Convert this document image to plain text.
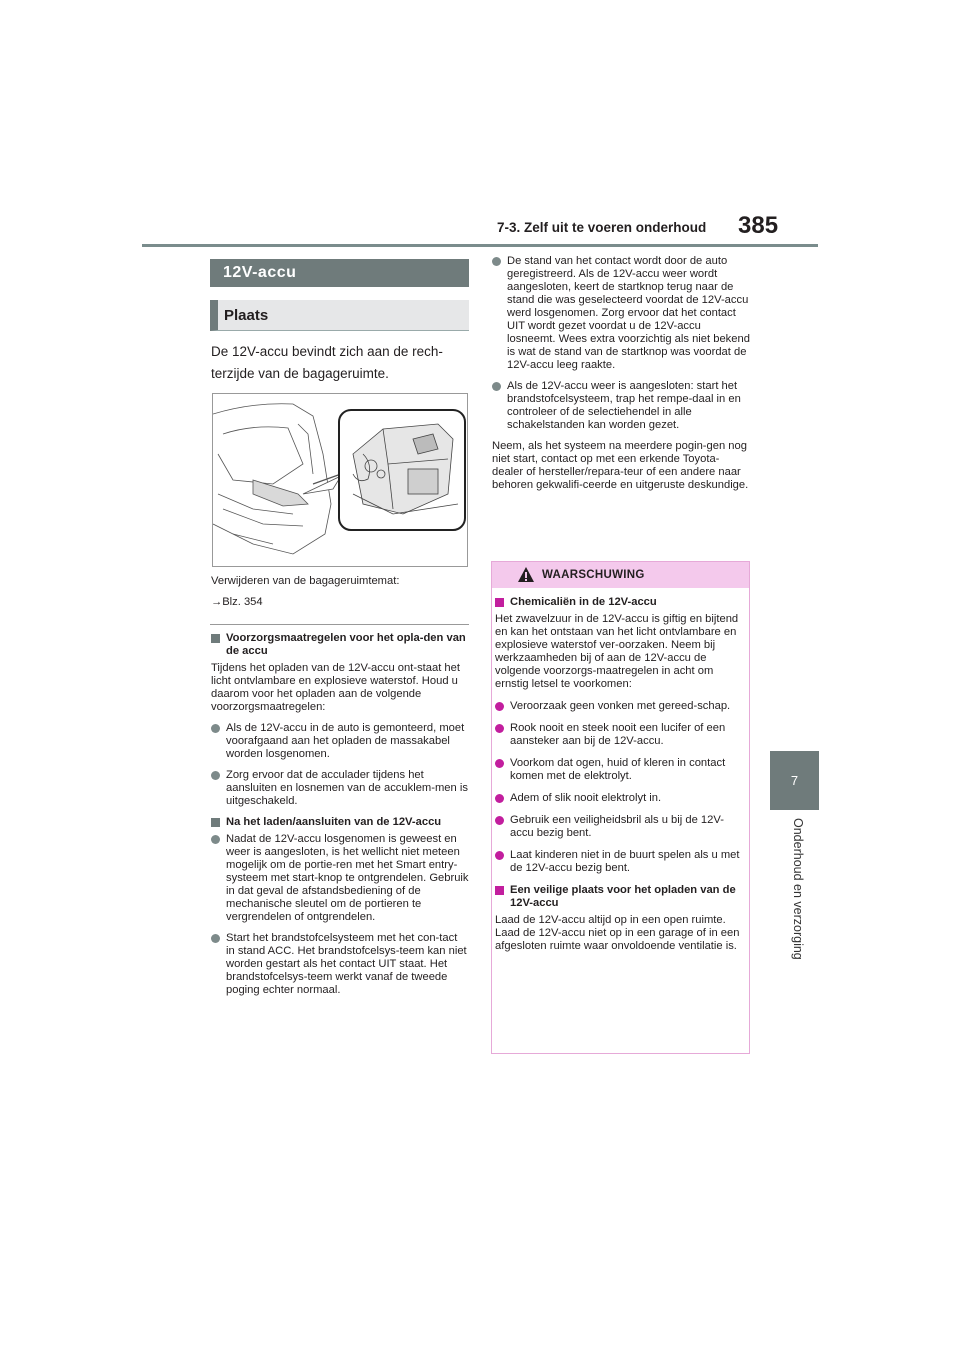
7-3. Zelf uit te voeren onderhoud 385
7
Onderhoud en verzorging
12V-accu
Plaats
De 12V-accu bevindt zich aan de rech-terzijde van de bagageruimte.
Verwijderen van de bagageruimtemat:
→Blz. 354

Voorzorgsmaatregelen voor het opla-den van de accu

Tijdens het opladen van de 12V-accu ont-staat het licht ontvlambare en explosieve waterstof. Houd u daarom voor het opladen aan de volgende voorzorgsmaatregelen:

Als de 12V-accu in de auto is gemonteerd, moet voorafgaand aan het opladen de massakabel worden losgenomen.

Zorg ervoor dat de acculader tijdens het aansluiten en losnemen van de accuklem-men is uitgeschakeld.

Na het laden/aansluiten van de 12V-accu

Nadat de 12V-accu losgenomen is geweest en weer is aangesloten, is het wellicht niet meteen mogelijk om de portie-ren met het Smart entry-systeem met start-knop te ontgrendelen. Gebruik in dat geval de afstandsbediening of de mechanische sleutel om de portieren te vergrendelen of ontgrendelen.

Start het brandstofcelsysteem met het con-tact in stand ACC. Het brandstofcelsys-teem kan niet worden gestart als het contact UIT staat. Het brandstofcelsys-teem werkt vanaf de tweede poging echter normaal.

De stand van het contact wordt door de auto geregistreerd. Als de 12V-accu weer wordt aangesloten, keert de startknop terug naar de stand die was geselecteerd voordat de 12V-accu werd losgenomen. Zorg ervoor dat het contact UIT wordt gezet voordat u de 12V-accu losneemt. Wees extra voorzichtig als niet bekend is wat de stand van de startknop was voordat de 12V-accu leeg raakte.

Als de 12V-accu weer is aangesloten: start het brandstofcelsysteem, trap het rempe-daal in en controleer of de selectiehendel in alle schakelstanden kan worden gezet.

Neem, als het systeem na meerdere pogin-gen nog niet start, contact op met een erkende Toyota-dealer of hersteller/repara-teur of een andere naar behoren gekwalifi-ceerde en uitgeruste deskundige.

WAARSCHUWING

Chemicaliën in de 12V-accu

Het zwavelzuur in de 12V-accu is giftig en bijtend en kan het ontstaan van het licht ontvlambare en explosieve waterstof ver-oorzaken. Neem bij werkzaamheden bij of aan de 12V-accu de volgende voorzorgs-maatregelen in acht om ernstig letsel te voorkomen:

Veroorzaak geen vonken met gereed-schap.

Rook nooit en steek nooit een lucifer of een aansteker aan bij de 12V-accu.

Voorkom dat ogen, huid of kleren in contact komen met de elektrolyt.

Adem of slik nooit elektrolyt in.

Gebruik een veiligheidsbril als u bij de 12V-accu bezig bent.

Laat kinderen niet in de buurt spelen als u met de 12V-accu bezig bent.

Een veilige plaats voor het opladen van de 12V-accu

Laad de 12V-accu altijd op in een open ruimte. Laad de 12V-accu niet op in een garage of in een afgesloten ruimte waar onvoldoende ventilatie is.
